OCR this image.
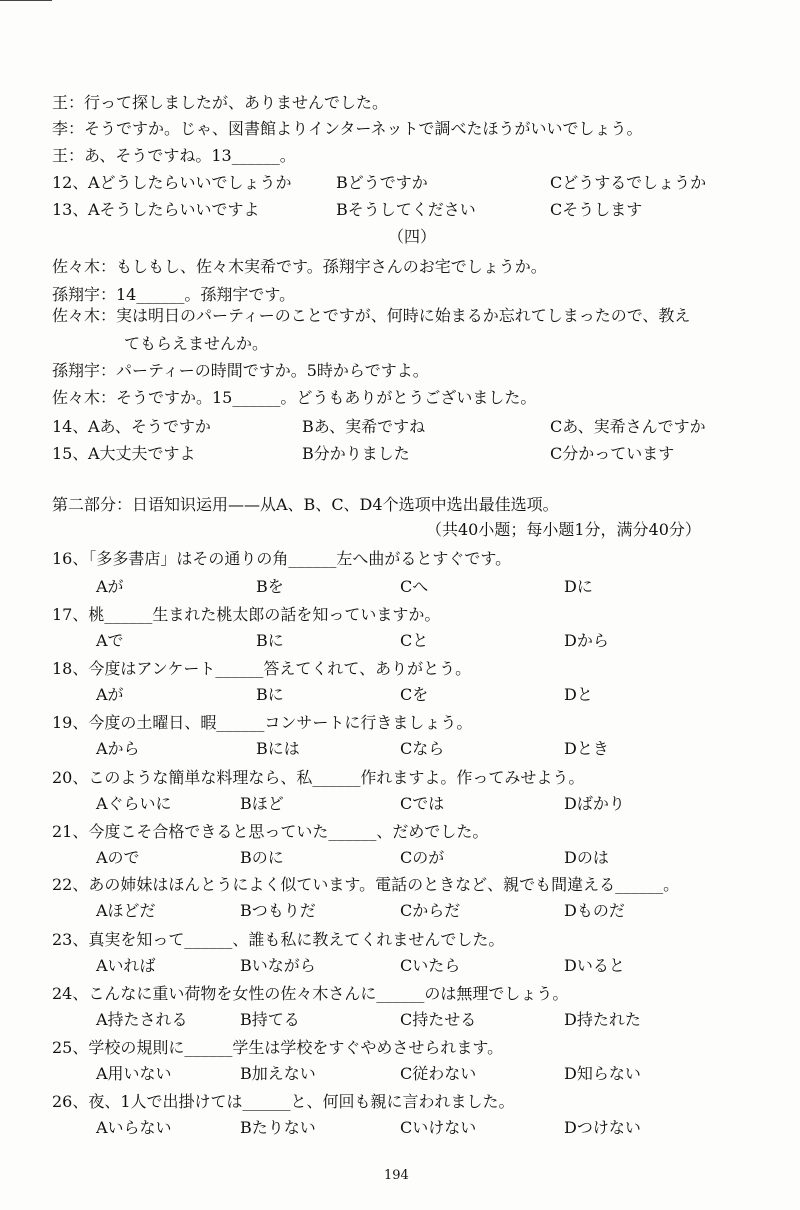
王：行って探しましたが、ありませんでした。
李：そうですか。じゃ、図書館よりインターネットで調べたほうがいいでしょう。
王：あ、そうですね。13______。
12、 Aどうしたらいいでしょうか	Bどうですか	Cどうするでしょうか
13、 Aそうしたらいいですよ	Bそうしてください	Cそうします
（四）
佐々木：もしもし、佐々木実希です。孫翔宇さんのお宅でしょうか。
孫翔宇：14______。孫翔宇です。
佐々木：実は明日のパーティーのことですが、何時に始まるか忘れてしまったので、教え
てもらえませんか。
孫翔宇：パーティーの時間ですか。5時からですよ。
佐々木：そうですか。15______。どうもありがとうございました。
14、 Aあ、そうですか	Bあ、実希ですね	Cあ、実希さんですか
15、 A大丈夫ですよ	B分かりました	C分かっています
第二部分：日语知识运用——从A、B、C、D4个选项中选出最佳选项。
（共40小题；每小题1分，满分40分）
16、「多多書店」はその通りの角______左へ曲がるとすぐです。
Aが	Bを	Cへ	Dに
17、桃______生まれた桃太郎の話を知っていますか。
Aで	Bに	Cと	Dから
18、今度はアンケート______答えてくれて、ありがとう。
Aが	Bに	Cを	Dと
19、今度の土曜日、暇______コンサートに行きましょう。
Aから	Bには	Cなら	Dとき
20、このような簡単な料理なら、私______作れますよ。作ってみせよう。
Aぐらいに	Bほど	Cでは	Dばかり
21、今度こそ合格できると思っていた______、だめでした。
Aので	Bのに	Cのが	Dのは
22、あの姉妹はほんとうによく似ています。電話のときなど、親でも間違える______。
Aほどだ	Bつもりだ	Cからだ	Dものだ
23、真実を知って______、誰も私に教えてくれませんでした。
Aいれば	Bいながら	Cいたら	Dいると
24、こんなに重い荷物を女性の佐々木さんに______のは無理でしょう。
A持たされる	B持てる	C持たせる	D持たれた
25、学校の規則に______学生は学校をすぐやめさせられます。
A用いない	B加えない	C従わない	D知らない
26、夜、1人で出掛けては______と、何回も親に言われました。
Aいらない	Bたりない	Cいけない	Dつけない
194
